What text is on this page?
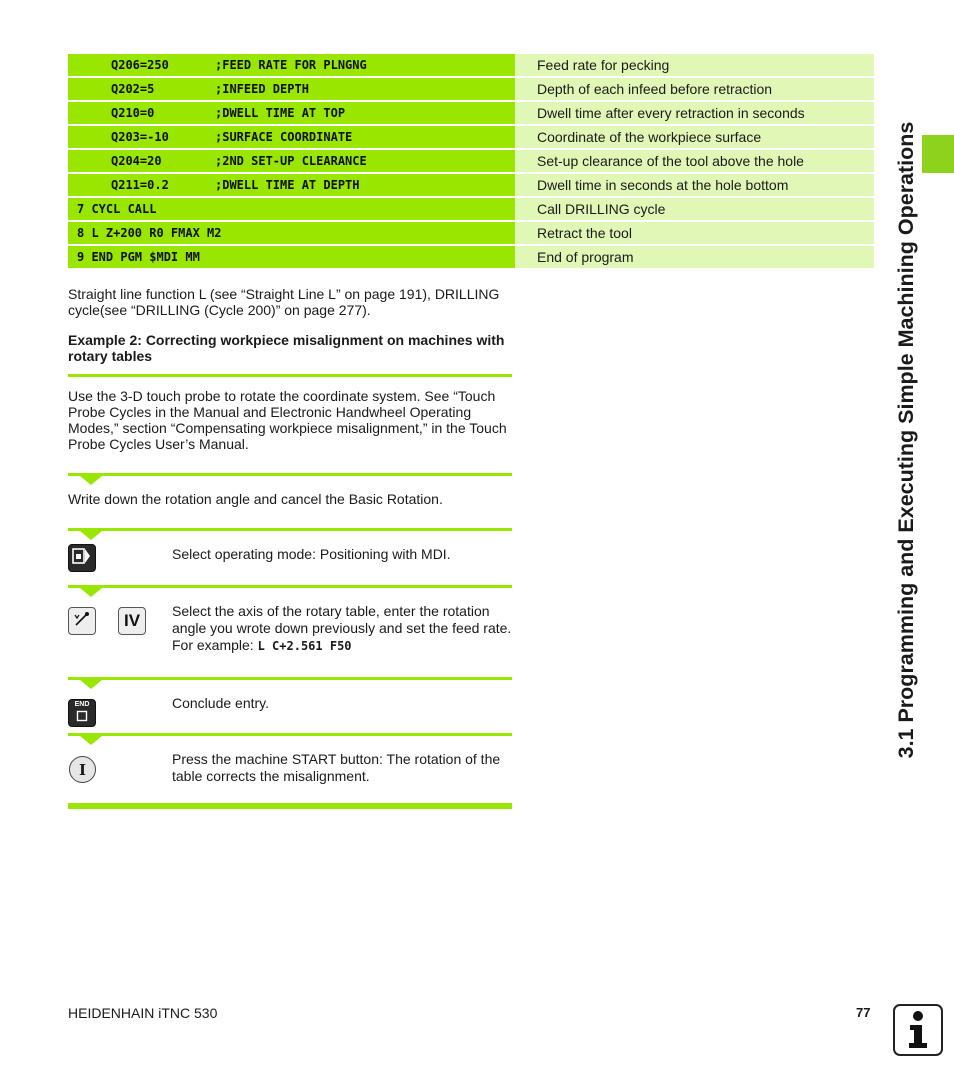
Q206=250	;FEED RATE FOR PLNGNG	Feed rate for pecking
Q202=5	;INFEED DEPTH	Depth of each infeed before retraction
Q210=0	;DWELL TIME AT TOP	Dwell time after every retraction in seconds
Q203=-10	;SURFACE COORDINATE	Coordinate of the workpiece surface
Q204=20	;2ND SET-UP CLEARANCE	Set-up clearance of the tool above the hole
Q211=0.2	;DWELL TIME AT DEPTH	Dwell time in seconds at the hole bottom
7 CYCL CALL	Call DRILLING cycle
8 L Z+200 R0 FMAX M2	Retract the tool
9 END PGM $MDI MM	End of program
Straight line function L (see “Straight Line L” on page 191), DRILLING cycle(see “DRILLING (Cycle 200)” on page 277).
Example 2: Correcting workpiece misalignment on machines with rotary tables
Use the 3-D touch probe to rotate the coordinate system. See “Touch Probe Cycles in the Manual and Electronic Handwheel Operating Modes,” section “Compensating workpiece misalignment,” in the Touch Probe Cycles User’s Manual.
Write down the rotation angle and cancel the Basic Rotation.
Select operating mode: Positioning with MDI.
IV Select the axis of the rotary table, enter the rotation angle you wrote down previously and set the feed rate. For example: L C+2.561 F50
END	Conclude entry.
I
Press the machine START button: The rotation of the table corrects the misalignment.
3.1 Programming and Executing Simple Machining Operations
HEIDENHAIN iTNC 530	77
